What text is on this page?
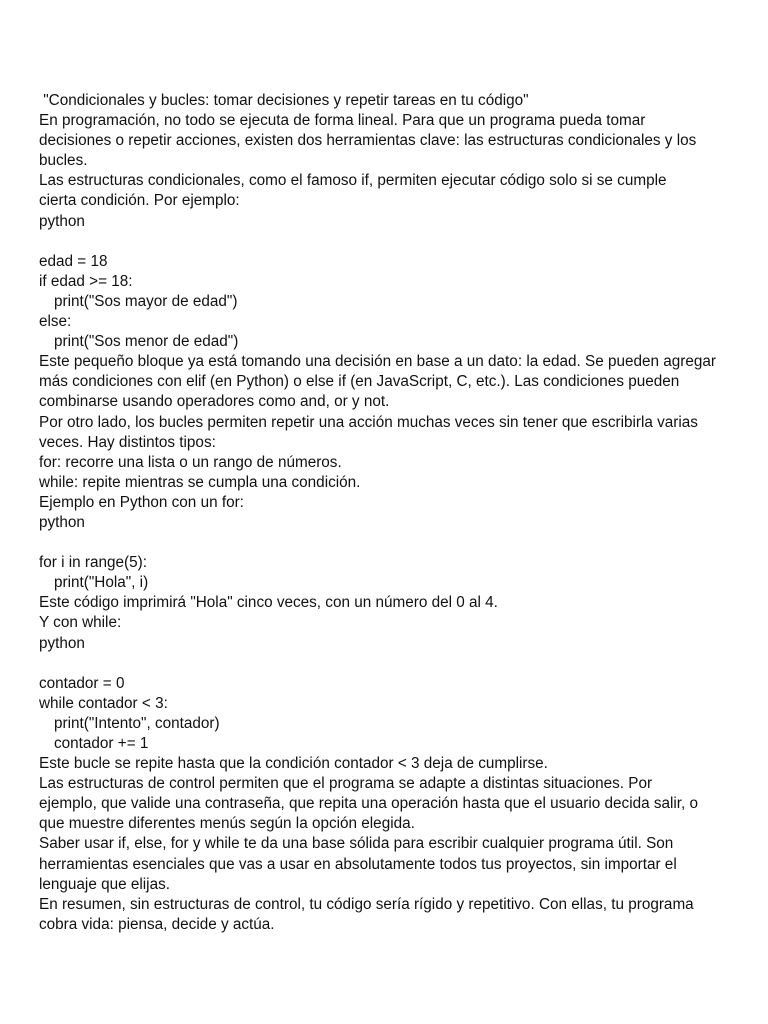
"Condicionales y bucles: tomar decisiones y repetir tareas en tu código"
En programación, no todo se ejecuta de forma lineal. Para que un programa pueda tomar
decisiones o repetir acciones, existen dos herramientas clave: las estructuras condicionales y los
bucles.
Las estructuras condicionales, como el famoso if, permiten ejecutar código solo si se cumple
cierta condición. Por ejemplo:
python
edad = 18
if edad >= 18:
print("Sos mayor de edad")
else:
print("Sos menor de edad")
Este pequeño bloque ya está tomando una decisión en base a un dato: la edad. Se pueden agregar
más condiciones con elif (en Python) o else if (en JavaScript, C, etc.). Las condiciones pueden
combinarse usando operadores como and, or y not.
Por otro lado, los bucles permiten repetir una acción muchas veces sin tener que escribirla varias
veces. Hay distintos tipos:
for: recorre una lista o un rango de números.
while: repite mientras se cumpla una condición.
Ejemplo en Python con un for:
python
for i in range(5):
print("Hola", i)
Este código imprimirá "Hola" cinco veces, con un número del 0 al 4.
Y con while:
python
contador = 0
while contador < 3:
print("Intento", contador)
contador += 1
Este bucle se repite hasta que la condición contador < 3 deja de cumplirse.
Las estructuras de control permiten que el programa se adapte a distintas situaciones. Por
ejemplo, que valide una contraseña, que repita una operación hasta que el usuario decida salir, o
que muestre diferentes menús según la opción elegida.
Saber usar if, else, for y while te da una base sólida para escribir cualquier programa útil. Son
herramientas esenciales que vas a usar en absolutamente todos tus proyectos, sin importar el
lenguaje que elijas.
En resumen, sin estructuras de control, tu código sería rígido y repetitivo. Con ellas, tu programa
cobra vida: piensa, decide y actúa.
